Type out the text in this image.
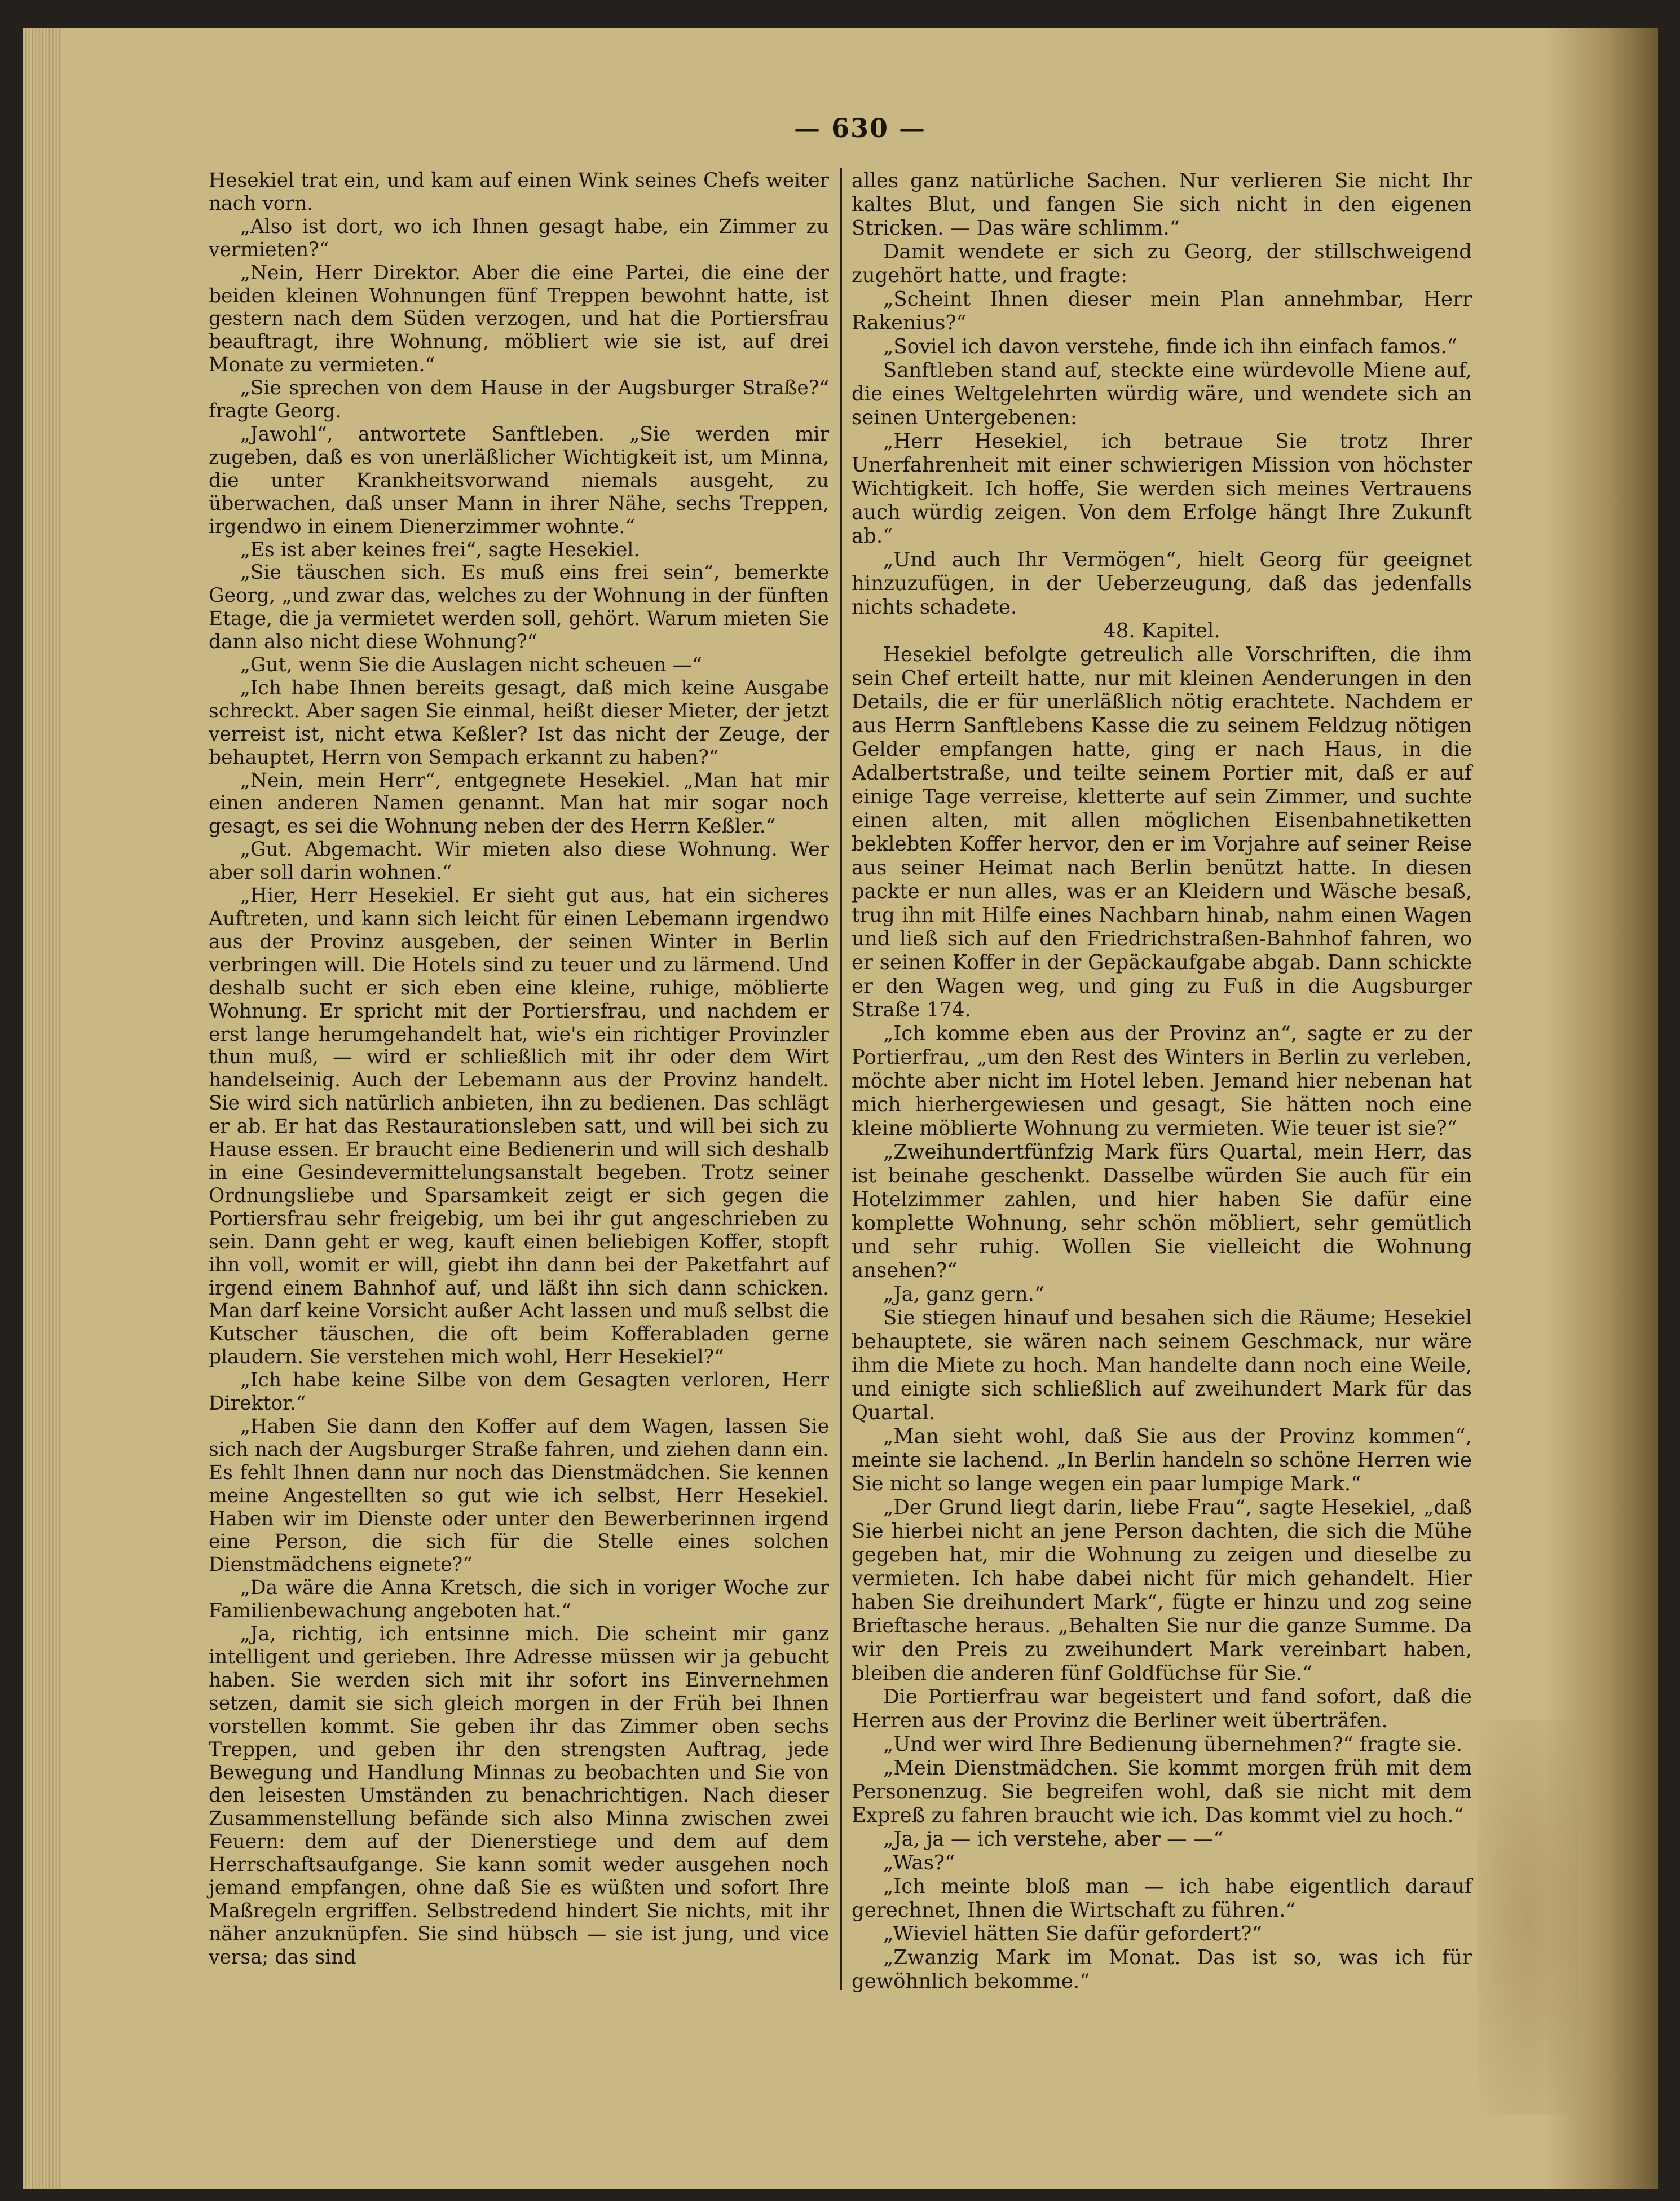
— 630 —

Hesekiel trat ein, und kam auf einen Wink seines Chefs weiter nach vorn.

„Also ist dort, wo ich Ihnen gesagt habe, ein Zimmer zu vermieten?“

„Nein, Herr Direktor. Aber die eine Partei, die eine der beiden kleinen Wohnungen fünf Treppen bewohnt hatte, ist gestern nach dem Süden verzogen, und hat die Portiersfrau beauftragt, ihre Wohnung, möbliert wie sie ist, auf drei Monate zu vermieten.“

„Sie sprechen von dem Hause in der Augsburger Straße?“ fragte Georg.

„Jawohl“, antwortete Sanftleben. „Sie werden mir zugeben, daß es von unerläßlicher Wichtigkeit ist, um Minna, die unter Krankheitsvorwand niemals ausgeht, zu überwachen, daß unser Mann in ihrer Nähe, sechs Treppen, irgendwo in einem Dienerzimmer wohnte.“

„Es ist aber keines frei“, sagte Hesekiel.

„Sie täuschen sich. Es muß eins frei sein“, bemerkte Georg, „und zwar das, welches zu der Wohnung in der fünften Etage, die ja vermietet werden soll, gehört. Warum mieten Sie dann also nicht diese Wohnung?“

„Gut, wenn Sie die Auslagen nicht scheuen —“

„Ich habe Ihnen bereits gesagt, daß mich keine Ausgabe schreckt. Aber sagen Sie einmal, heißt dieser Mieter, der jetzt verreist ist, nicht etwa Keßler? Ist das nicht der Zeuge, der behauptet, Herrn von Sempach erkannt zu haben?“

„Nein, mein Herr“, entgegnete Hesekiel. „Man hat mir einen anderen Namen genannt. Man hat mir sogar noch gesagt, es sei die Wohnung neben der des Herrn Keßler.“

„Gut. Abgemacht. Wir mieten also diese Wohnung. Wer aber soll darin wohnen.“

„Hier, Herr Hesekiel. Er sieht gut aus, hat ein sicheres Auftreten, und kann sich leicht für einen Lebemann irgendwo aus der Provinz ausgeben, der seinen Winter in Berlin verbringen will. Die Hotels sind zu teuer und zu lärmend. Und deshalb sucht er sich eben eine kleine, ruhige, möblierte Wohnung. Er spricht mit der Portiersfrau, und nachdem er erst lange herumgehandelt hat, wie's ein richtiger Provinzler thun muß, — wird er schließlich mit ihr oder dem Wirt handelseinig. Auch der Lebemann aus der Provinz handelt. Sie wird sich natürlich anbieten, ihn zu bedienen. Das schlägt er ab. Er hat das Restaurationsleben satt, und will bei sich zu Hause essen. Er braucht eine Bedienerin und will sich deshalb in eine Gesindevermittelungsanstalt begeben. Trotz seiner Ordnungsliebe und Sparsamkeit zeigt er sich gegen die Portiersfrau sehr freigebig, um bei ihr gut angeschrieben zu sein. Dann geht er weg, kauft einen beliebigen Koffer, stopft ihn voll, womit er will, giebt ihn dann bei der Paketfahrt auf irgend einem Bahnhof auf, und läßt ihn sich dann schicken. Man darf keine Vorsicht außer Acht lassen und muß selbst die Kutscher täuschen, die oft beim Kofferabladen gerne plaudern. Sie verstehen mich wohl, Herr Hesekiel?“

„Ich habe keine Silbe von dem Gesagten verloren, Herr Direktor.“

„Haben Sie dann den Koffer auf dem Wagen, lassen Sie sich nach der Augsburger Straße fahren, und ziehen dann ein. Es fehlt Ihnen dann nur noch das Dienstmädchen. Sie kennen meine Angestellten so gut wie ich selbst, Herr Hesekiel. Haben wir im Dienste oder unter den Bewerberinnen irgend eine Person, die sich für die Stelle eines solchen Dienstmädchens eignete?“

„Da wäre die Anna Kretsch, die sich in voriger Woche zur Familienbewachung angeboten hat.“

„Ja, richtig, ich entsinne mich. Die scheint mir ganz intelligent und gerieben. Ihre Adresse müssen wir ja gebucht haben. Sie werden sich mit ihr sofort ins Einvernehmen setzen, damit sie sich gleich morgen in der Früh bei Ihnen vorstellen kommt. Sie geben ihr das Zimmer oben sechs Treppen, und geben ihr den strengsten Auftrag, jede Bewegung und Handlung Minnas zu beobachten und Sie von den leisesten Umständen zu benachrichtigen. Nach dieser Zusammenstellung befände sich also Minna zwischen zwei Feuern: dem auf der Dienerstiege und dem auf dem Herrschaftsaufgange. Sie kann somit weder ausgehen noch jemand empfangen, ohne daß Sie es wüßten und sofort Ihre Maßregeln ergriffen. Selbstredend hindert Sie nichts, mit ihr näher anzuknüpfen. Sie sind hübsch — sie ist jung, und vice versa; das sind

alles ganz natürliche Sachen. Nur verlieren Sie nicht Ihr kaltes Blut, und fangen Sie sich nicht in den eigenen Stricken. — Das wäre schlimm.“

Damit wendete er sich zu Georg, der stillschweigend zugehört hatte, und fragte:

„Scheint Ihnen dieser mein Plan annehmbar, Herr Rakenius?“

„Soviel ich davon verstehe, finde ich ihn einfach famos.“

Sanftleben stand auf, steckte eine würdevolle Miene auf, die eines Weltgelehrten würdig wäre, und wendete sich an seinen Untergebenen:

„Herr Hesekiel, ich betraue Sie trotz Ihrer Unerfahrenheit mit einer schwierigen Mission von höchster Wichtigkeit. Ich hoffe, Sie werden sich meines Vertrauens auch würdig zeigen. Von dem Erfolge hängt Ihre Zukunft ab.“

„Und auch Ihr Vermögen“, hielt Georg für geeignet hinzuzufügen, in der Ueberzeugung, daß das jedenfalls nichts schadete.

48. Kapitel.

Hesekiel befolgte getreulich alle Vorschriften, die ihm sein Chef erteilt hatte, nur mit kleinen Aenderungen in den Details, die er für unerläßlich nötig erachtete. Nachdem er aus Herrn Sanftlebens Kasse die zu seinem Feldzug nötigen Gelder empfangen hatte, ging er nach Haus, in die Adalbertstraße, und teilte seinem Portier mit, daß er auf einige Tage verreise, kletterte auf sein Zimmer, und suchte einen alten, mit allen möglichen Eisenbahnetiketten beklebten Koffer hervor, den er im Vorjahre auf seiner Reise aus seiner Heimat nach Berlin benützt hatte. In diesen packte er nun alles, was er an Kleidern und Wäsche besaß, trug ihn mit Hilfe eines Nachbarn hinab, nahm einen Wagen und ließ sich auf den Friedrichstraßen-Bahnhof fahren, wo er seinen Koffer in der Gepäckaufgabe abgab. Dann schickte er den Wagen weg, und ging zu Fuß in die Augsburger Straße 174.

„Ich komme eben aus der Provinz an“, sagte er zu der Portierfrau, „um den Rest des Winters in Berlin zu verleben, möchte aber nicht im Hotel leben. Jemand hier nebenan hat mich hierhergewiesen und gesagt, Sie hätten noch eine kleine möblierte Wohnung zu vermieten. Wie teuer ist sie?“

„Zweihundertfünfzig Mark fürs Quartal, mein Herr, das ist beinahe geschenkt. Dasselbe würden Sie auch für ein Hotelzimmer zahlen, und hier haben Sie dafür eine komplette Wohnung, sehr schön möbliert, sehr gemütlich und sehr ruhig. Wollen Sie vielleicht die Wohnung ansehen?“

„Ja, ganz gern.“

Sie stiegen hinauf und besahen sich die Räume; Hesekiel behauptete, sie wären nach seinem Geschmack, nur wäre ihm die Miete zu hoch. Man handelte dann noch eine Weile, und einigte sich schließlich auf zweihundert Mark für das Quartal.

„Man sieht wohl, daß Sie aus der Provinz kommen“, meinte sie lachend. „In Berlin handeln so schöne Herren wie Sie nicht so lange wegen ein paar lumpige Mark.“

„Der Grund liegt darin, liebe Frau“, sagte Hesekiel, „daß Sie hierbei nicht an jene Person dachten, die sich die Mühe gegeben hat, mir die Wohnung zu zeigen und dieselbe zu vermieten. Ich habe dabei nicht für mich gehandelt. Hier haben Sie dreihundert Mark“, fügte er hinzu und zog seine Brieftasche heraus. „Behalten Sie nur die ganze Summe. Da wir den Preis zu zweihundert Mark vereinbart haben, bleiben die anderen fünf Goldfüchse für Sie.“

Die Portierfrau war begeistert und fand sofort, daß die Herren aus der Provinz die Berliner weit überträfen.

„Und wer wird Ihre Bedienung übernehmen?“ fragte sie.

„Mein Dienstmädchen. Sie kommt morgen früh mit dem Personenzug. Sie begreifen wohl, daß sie nicht mit dem Expreß zu fahren braucht wie ich. Das kommt viel zu hoch.“

„Ja, ja — ich verstehe, aber — —“

„Was?“

„Ich meinte bloß man — ich habe eigentlich darauf gerechnet, Ihnen die Wirtschaft zu führen.“

„Wieviel hätten Sie dafür gefordert?“

„Zwanzig Mark im Monat. Das ist so, was ich für gewöhnlich bekomme.“
